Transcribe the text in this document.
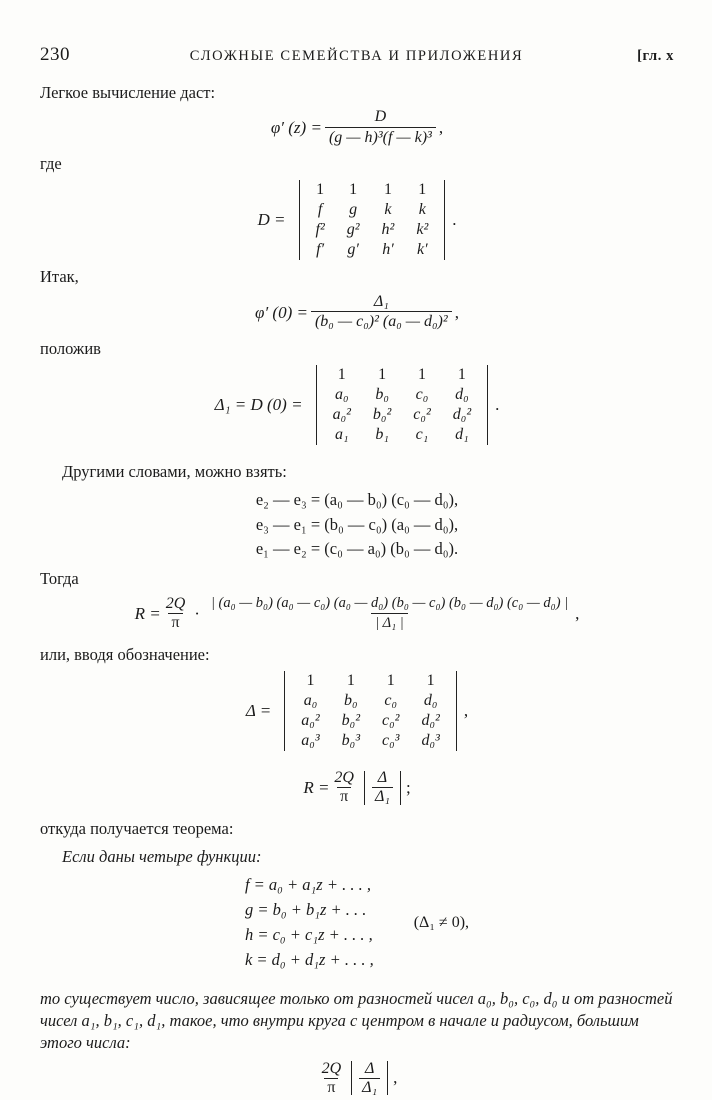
230	СЛОЖНЫЕ СЕМЕЙСТВА И ПРИЛОЖЕНИЯ	[гл. x

Легкое вычисление даст:

φ′ $(z) = \frac{D}{\text{(g — h)³(f — k)³}}$ ,

где

D =
1	1	1	1
f	g	k	k
f²	g²	h²	k²
f′	g′	h′	k′
.

Итак,

φ′ $(0) = \frac{\text{Δ₁}}{\text{(b₀ — c₀)² (a₀ — d₀)²}}$ ,

положив

Δ₁ = D (0) =
1	1	1	1
a₀	b₀	c₀	d₀
a₀²	b₀²	c₀²	d₀²
a₁	b₁	c₁	d₁
.

Другими словами, можно взять:

e₂ — e₃ = (a₀ — b₀) (c₀ — d₀),
e₃ — e₁ = (b₀ — c₀) (a₀ — d₀),
e₁ — e₂ = (c₀ — a₀) (b₀ — d₀).

Тогда

$R = \frac{2Q}{\pi}$ ·
| (a₀ — b₀) (a₀ — c₀) (a₀ — d₀) (b₀ — c₀) (b₀ — d₀) (c₀ — d₀) |
| Δ₁ |	,

или, вводя обозначение:

Δ =
1	1	1	1
a₀	b₀	c₀	d₀
a₀²	b₀²	c₀²	d₀²
a₀³	b₀³	c₀³	d₀³
,
$R = \frac{2Q}{\pi} \frac{\Delta}{\text{Δ₁}}$ ;

откуда получается теорема:

Если даны четыре функции:

f = a₀ + a₁z + . . . ,
g = b₀ + b₁z + . . .
h = c₀ + c₁z + . . . ,
k = d₀ + d₁z + . . . ,
(Δ₁ ≠ 0),

то существует число, зависящее только от разностей чисел a₀, b₀, c₀, d₀ и от разностей чисел a₁, b₁, c₁, d₁, такое, что внутри круга с центром в начале и радиусом, большим этого числа:

$\frac{2Q}{\pi} \frac{\Delta}{\text{Δ₁}}$ ,
